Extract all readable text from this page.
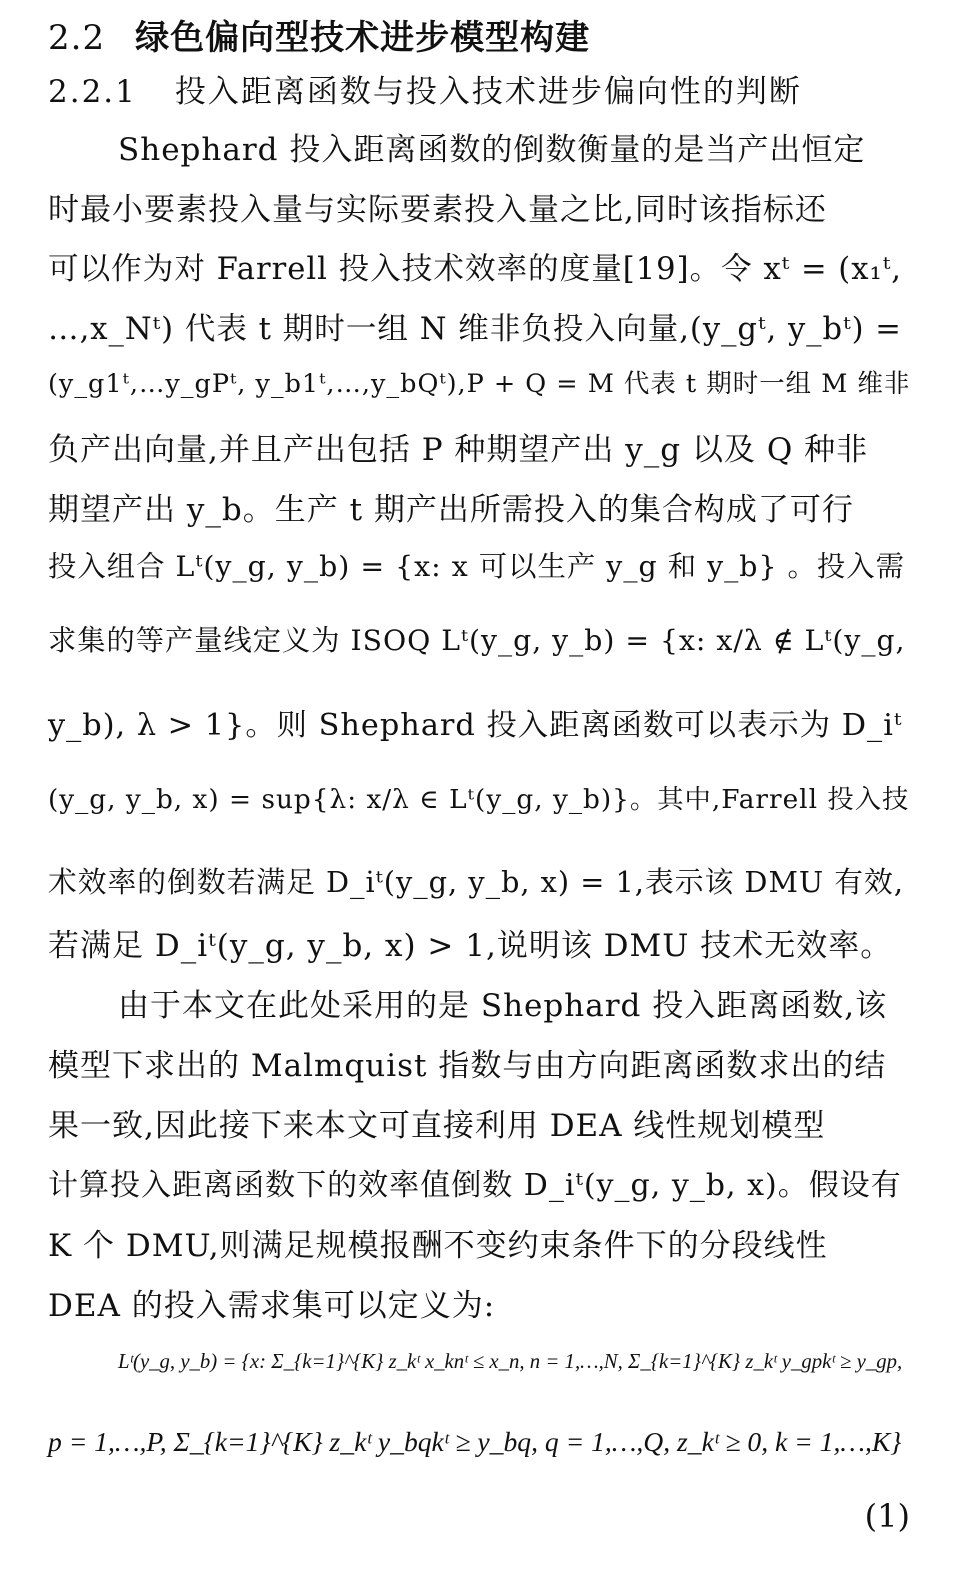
2.2 绿色偏向型技术进步模型构建
2.2.1 投入距离函数与投入技术进步偏向性的判断
Shephard 投入距离函数的倒数衡量的是当产出恒定
时最小要素投入量与实际要素投入量之比,同时该指标还
可以作为对 Farrell 投入技术效率的度量[19]。令 xᵗ = (x₁ᵗ,
…,x_Nᵗ) 代表 t 期时一组 N 维非负投入向量,(y_gᵗ, y_bᵗ) =
(y_g1ᵗ,…y_gPᵗ, y_b1ᵗ,…,y_bQᵗ),P + Q = M 代表 t 期时一组 M 维非
负产出向量,并且产出包括 P 种期望产出 y_g 以及 Q 种非
期望产出 y_b。生产 t 期产出所需投入的集合构成了可行
投入组合 Lᵗ(y_g, y_b) = {x: x 可以生产 y_g 和 y_b} 。投入需
求集的等产量线定义为 ISOQ Lᵗ(y_g, y_b) = {x: x/λ ∉ Lᵗ(y_g,
y_b), λ > 1}。则 Shephard 投入距离函数可以表示为 D_iᵗ
(y_g, y_b, x) = sup{λ: x/λ ∈ Lᵗ(y_g, y_b)}。其中,Farrell 投入技
术效率的倒数若满足 D_iᵗ(y_g, y_b, x) = 1,表示该 DMU 有效,
若满足 D_iᵗ(y_g, y_b, x) > 1,说明该 DMU 技术无效率。
由于本文在此处采用的是 Shephard 投入距离函数,该
模型下求出的 Malmquist 指数与由方向距离函数求出的结
果一致,因此接下来本文可直接利用 DEA 线性规划模型
计算投入距离函数下的效率值倒数 D_iᵗ(y_g, y_b, x)。假设有
K 个 DMU,则满足规模报酬不变约束条件下的分段线性
DEA 的投入需求集可以定义为:
Lᵗ(y_g, y_b) = {x: Σ_{k=1}^{K} z_kᵗ x_knᵗ ≤ x_n, n = 1,…,N, Σ_{k=1}^{K} z_kᵗ y_gpkᵗ ≥ y_gp,
p = 1,…,P, Σ_{k=1}^{K} z_kᵗ y_bqkᵗ ≥ y_bq, q = 1,…,Q, z_kᵗ ≥ 0, k = 1,…,K}
(1)
